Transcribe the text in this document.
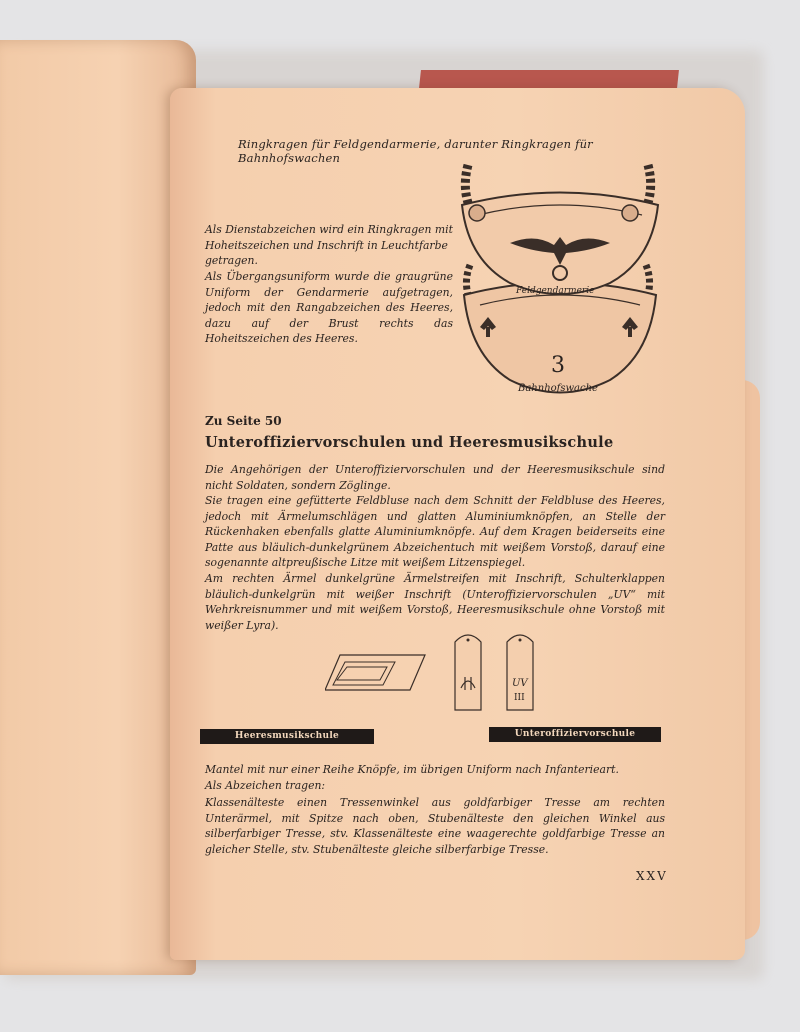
Ringkragen für Feldgendarmerie, darunter Ringkragen für Bahnhofswachen
Als Dienstabzeichen wird ein Ringkragen mit Hoheitszeichen und Inschrift in Leuchtfarbe getragen.
Als Übergangsuniform wurde die graugrüne Uniform der Gendarmerie aufgetragen, jedoch mit den Rangabzeichen des Heeres, dazu auf der Brust rechts das Hoheitszeichen des Heeres.
3
Bahnhofswache
Feldgendarmerie
Zu Seite 50
Unteroffiziervorschulen und Heeresmusikschule
Die Angehörigen der Unteroffiziervorschulen und der Heeresmusikschule sind nicht Soldaten, sondern Zöglinge.
Sie tragen eine gefütterte Feldbluse nach dem Schnitt der Feldbluse des Heeres, jedoch mit Ärmelumschlägen und glatten Aluminiumknöpfen, an Stelle der Rückenhaken ebenfalls glatte Aluminiumknöpfe. Auf dem Kragen beiderseits eine Patte aus bläulich-dunkelgrünem Abzeichentuch mit weißem Vorstoß, darauf eine sogenannte altpreußische Litze mit weißem Litzenspiegel.
Am rechten Ärmel dunkelgrüne Ärmelstreifen mit Inschrift, Schulterklappen bläulich-dunkelgrün mit weißer Inschrift (Unteroffiziervorschulen „UV“ mit Wehrkreisnummer und mit weißem Vorstoß, Heeresmusikschule ohne Vorstoß mit weißer Lyra).
UV
III
Heeresmusikschule	Unteroffiziervorschule
Mantel mit nur einer Reihe Knöpfe, im übrigen Uniform nach Infanterieart.
Als Abzeichen tragen:
Klassenälteste einen Tressenwinkel aus goldfarbiger Tresse am rechten Unterärmel, mit Spitze nach oben, Stubenälteste den gleichen Winkel aus silberfarbiger Tresse, stv. Klassenälteste eine waagerechte goldfarbige Tresse an gleicher Stelle, stv. Stubenälteste gleiche silberfarbige Tresse.
XXV
